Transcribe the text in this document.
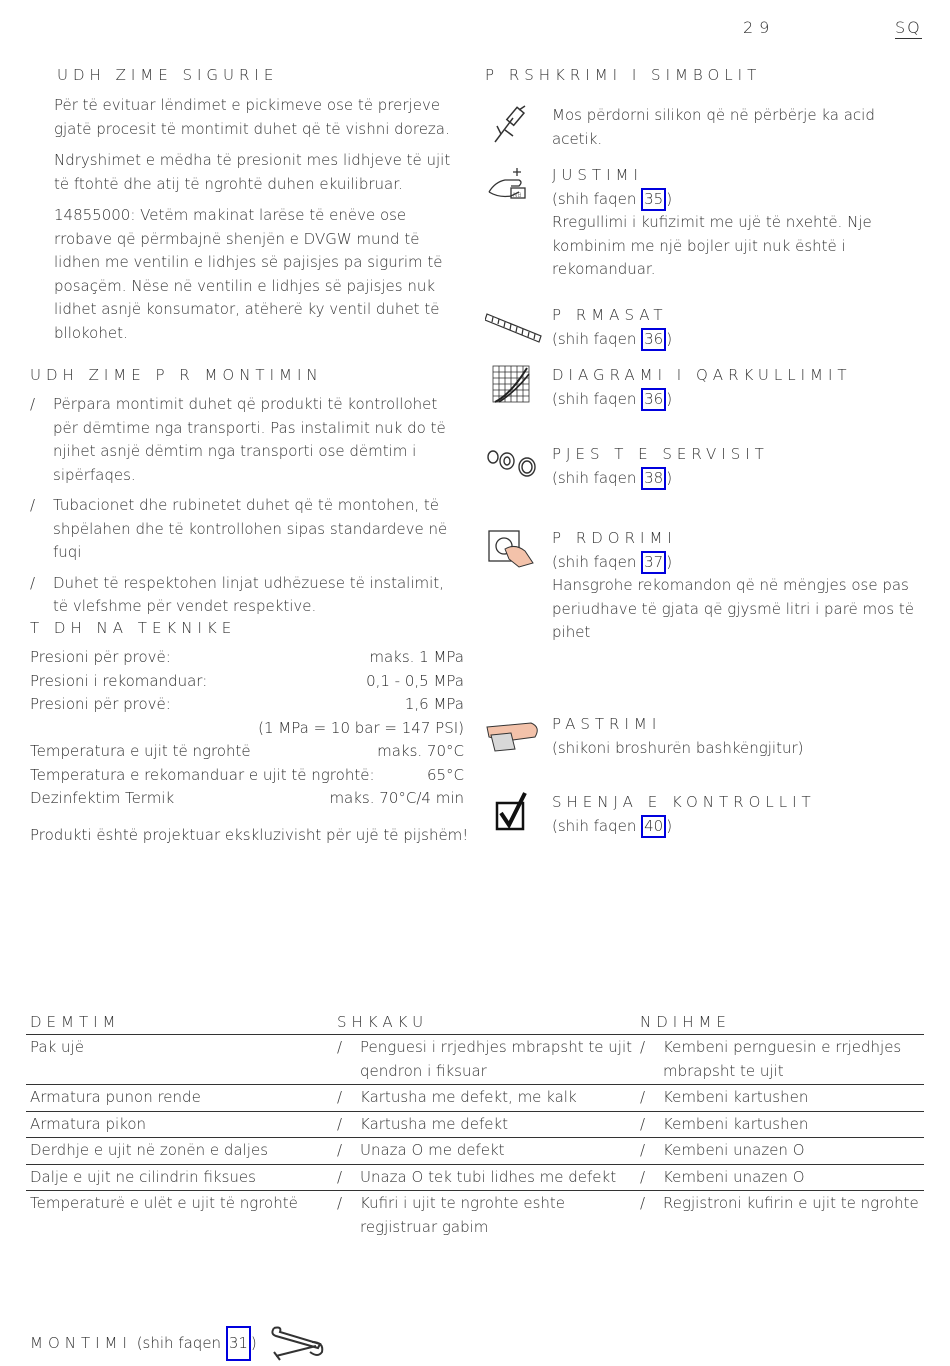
29	SQ
UDH ZIME SIGURIE

Për të evituar lëndimet e pickimeve ose të prerjeve gjatë procesit të montimit duhet që të vishni doreza.

Ndryshimet e mëdha të presionit mes lidhjeve të ujit të ftohtë dhe atij të ngrohtë duhen ekuilibruar.

14855000: Vetëm makinat larëse të enëve ose rrobave që përmbajnë shenjën e DVGW mund të lidhen me ventilin e lidhjes së pajisjes pa sigurim të posaçëm. Nëse në ventilin e lidhjes së pajisjes nuk lidhet asnjë konsumator, atëherë ky ventil duhet të bllokohet.

UDH ZIME P R MONTIMIN
/ Përpara montimit duhet që produkti të kontrollohet për dëmtime nga transporti. Pas instalimit nuk do të njihet asnjë dëmtim nga transporti ose dëmtim i sipërfaqes.
/ Tubacionet dhe rubinetet duhet që të montohen, të shpëlahen dhe të kontrollohen sipas standardeve në fuqi
/ Duhet të respektohen linjat udhëzuese të instalimit, të vlefshme për vendet respektive.
T DH NA TEKNIKE
Presioni për provë:	maks. 1 MPa
Presioni i rekomanduar:	0,1 - 0,5 MPa
Presioni për provë:	1,6 MPa
(1 MPa = 10 bar = 147 PSI)
Temperatura e ujit të ngrohtë	maks. 70°C
Temperatura e rekomanduar e ujit të ngrohtë:	65°C
Dezinfektim Termik	maks. 70°C/4 min
Produkti është projektuar ekskluzivisht për ujë të pijshëm!
P RSHKRIMI I SIMBOLIT
Mos përdorni silikon që në përbërje ka acid acetik.
NB
JUSTIMI
(shih faqen 35 )
Rregullimi i kufizimit me ujë të nxehtë. Nje kombinim me një bojler ujit nuk është i rekomanduar.
P RMASAT
(shih faqen 36 )
DIAGRAMI I QARKULLIMIT
(shih faqen 36 )
PJES T E SERVISIT
(shih faqen 38 )
P RDORIMI
(shih faqen 37 )
Hansgrohe rekomandon që në mëngjes ose pas periudhave të gjata që gjysmë litri i parë mos të pihet
PASTRIMI
(shikoni broshurën bashkëngjitur)
SHENJA E KONTROLLIT
(shih faqen 40 )
DEMTIM	SHKAKU	NDIHME
Pak ujë	/ Penguesi i rrjedhjes mbrapsht te ujit qendron i fiksuar	/ Kembeni pernguesin e rrjedhjes mbrapsht te ujit

Armatura punon rende	/ Kartusha me defekt, me kalk	/ Kembeni kartushen

Armatura pikon	/ Kartusha me defekt	/ Kembeni kartushen

Derdhje e ujit në zonën e daljes	/ Unaza O me defekt	/ Kembeni unazen O

Dalje e ujit ne cilindrin fiksues	/ Unaza O tek tubi lidhes me defekt	/ Kembeni unazen O

Temperaturë e ulët e ujit të ngrohtë	/ Kufiri i ujit te ngrohte eshte regjistruar gabim	/ Regjistroni kufirin e ujit te ngrohte
MONTIMI (shih faqen 31 )
